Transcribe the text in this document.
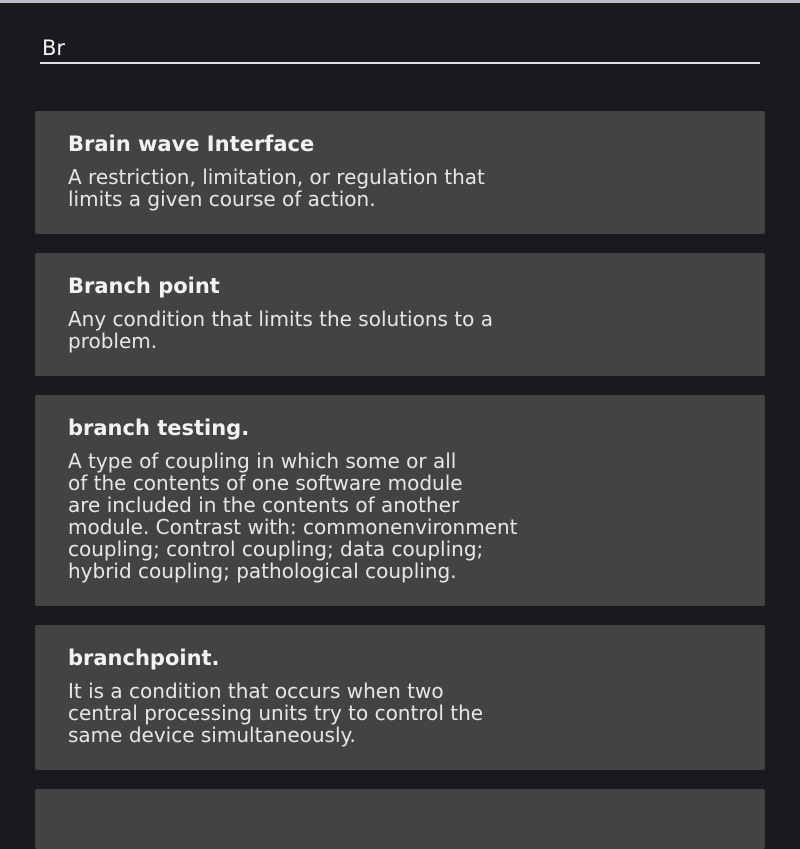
Br

Brain wave Interface

A restriction, limitation, or regulation that
limits a given course of action.

Branch point

Any condition that limits the solutions to a
problem.

branch testing.

A type of coupling in which some or all
of the contents of one software module
are included in the contents of another
module. Contrast with: commonenvironment
coupling; control coupling; data coupling;
hybrid coupling; pathological coupling.

branchpoint.

It is a condition that occurs when two
central processing units try to control the
same device simultaneously.
